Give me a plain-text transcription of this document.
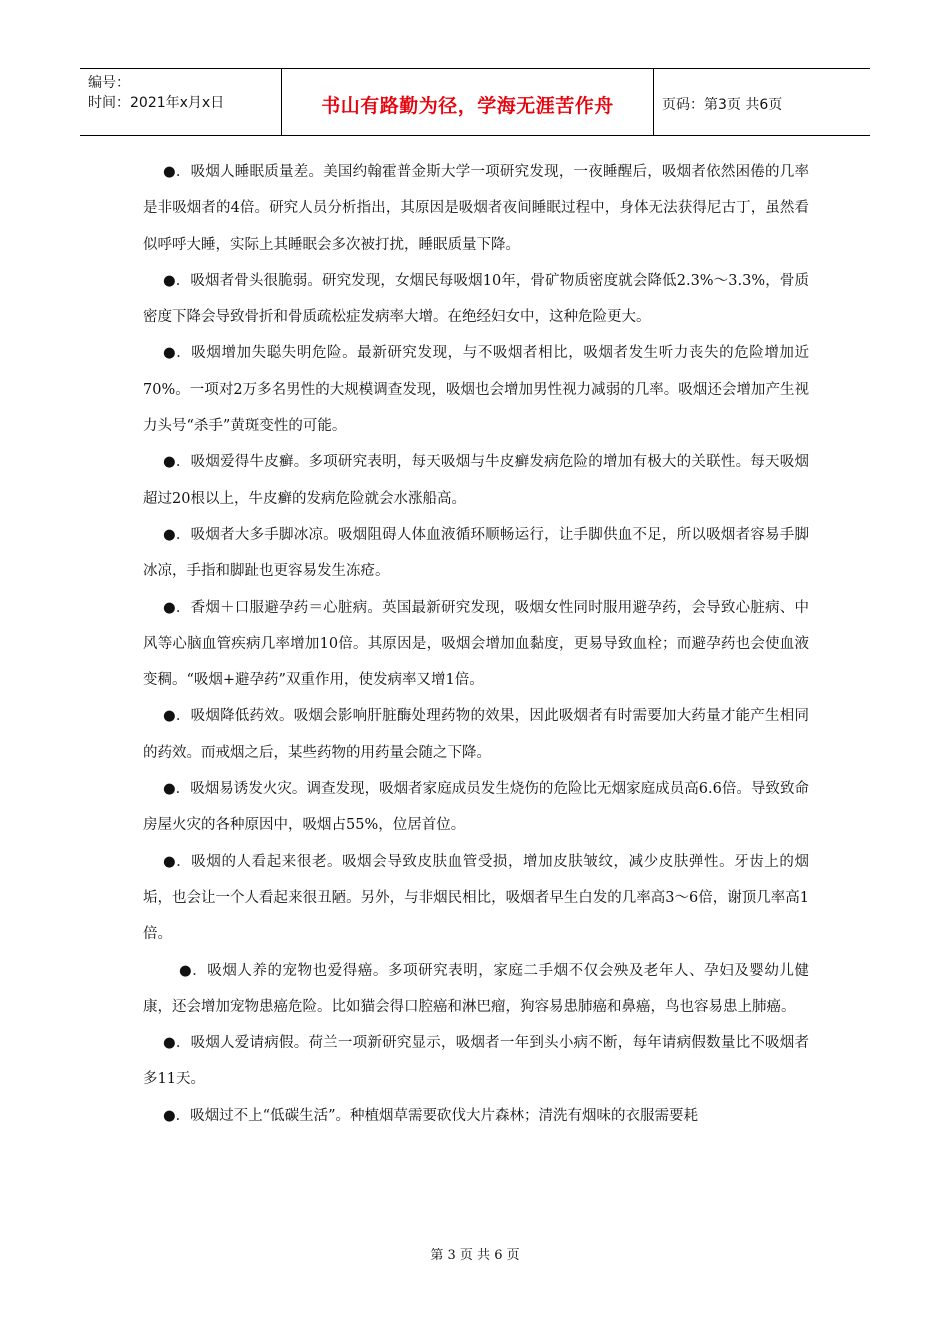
编号：
时间：2021年x月x日	书山有路勤为径，学海无涯苦作舟	页码：第3页 共6页

●．吸烟人睡眠质量差。美国约翰霍普金斯大学一项研究发现，一夜睡醒后，吸烟者依然困倦的几率是非吸烟者的4倍。研究人员分析指出，其原因是吸烟者夜间睡眠过程中，身体无法获得尼古丁，虽然看似呼呼大睡，实际上其睡眠会多次被打扰，睡眠质量下降。

●．吸烟者骨头很脆弱。研究发现，女烟民每吸烟10年，骨矿物质密度就会降低2.3%～3.3%，骨质密度下降会导致骨折和骨质疏松症发病率大增。在绝经妇女中，这种危险更大。

●．吸烟增加失聪失明危险。最新研究发现，与不吸烟者相比，吸烟者发生听力丧失的危险增加近70%。一项对2万多名男性的大规模调查发现，吸烟也会增加男性视力减弱的几率。吸烟还会增加产生视力头号“杀手”黄斑变性的可能。

●．吸烟爱得牛皮癣。多项研究表明，每天吸烟与牛皮癣发病危险的增加有极大的关联性。每天吸烟超过20根以上，牛皮癣的发病危险就会水涨船高。

●．吸烟者大多手脚冰凉。吸烟阻碍人体血液循环顺畅运行，让手脚供血不足，所以吸烟者容易手脚冰凉，手指和脚趾也更容易发生冻疮。

●．香烟＋口服避孕药＝心脏病。英国最新研究发现，吸烟女性同时服用避孕药，会导致心脏病、中风等心脑血管疾病几率增加10倍。其原因是，吸烟会增加血黏度，更易导致血栓；而避孕药也会使血液变稠。“吸烟+避孕药”双重作用，使发病率又增1倍。

●．吸烟降低药效。吸烟会影响肝脏酶处理药物的效果，因此吸烟者有时需要加大药量才能产生相同的药效。而戒烟之后，某些药物的用药量会随之下降。

●．吸烟易诱发火灾。调查发现，吸烟者家庭成员发生烧伤的危险比无烟家庭成员高6.6倍。导致致命房屋火灾的各种原因中，吸烟占55%，位居首位。

●．吸烟的人看起来很老。吸烟会导致皮肤血管受损，增加皮肤皱纹，减少皮肤弹性。牙齿上的烟垢，也会让一个人看起来很丑陋。另外，与非烟民相比，吸烟者早生白发的几率高3～6倍，谢顶几率高1倍。

●．吸烟人养的宠物也爱得癌。多项研究表明，家庭二手烟不仅会殃及老年人、孕妇及婴幼儿健康，还会增加宠物患癌危险。比如猫会得口腔癌和淋巴瘤，狗容易患肺癌和鼻癌，鸟也容易患上肺癌。

●．吸烟人爱请病假。荷兰一项新研究显示，吸烟者一年到头小病不断，每年请病假数量比不吸烟者多11天。

●．吸烟过不上“低碳生活”。种植烟草需要砍伐大片森林；清洗有烟味的衣服需要耗

第 3 页 共 6 页
